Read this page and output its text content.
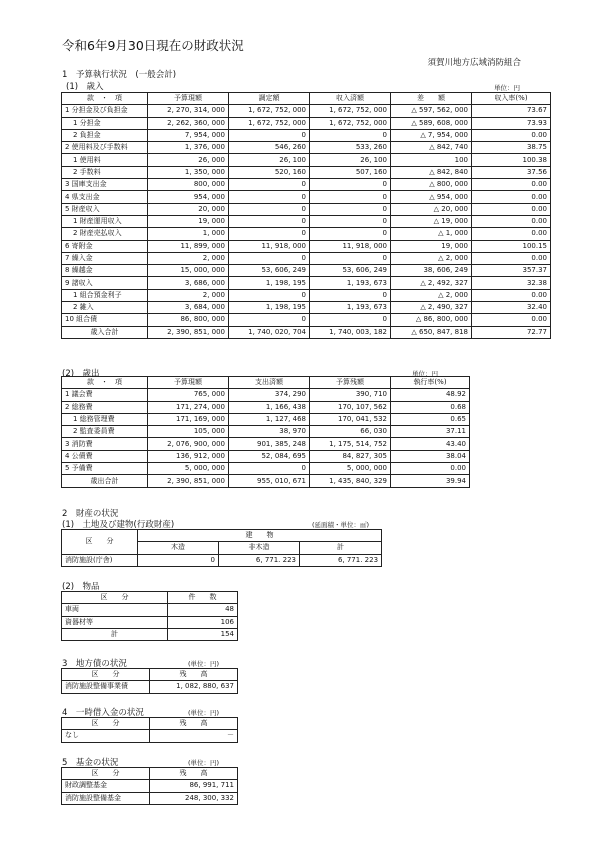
令和6年9月30日現在の財政状況
須賀川地方広域消防組合
1　予算執行状況　(一般会計)
(1)　歳入	単位：円
款　・　項	予算現額	調定額	収入済額	差　　額	収入率(%)
1 分担金及び負担金	2, 270, 314, 000	1, 672, 752, 000	1, 672, 752, 000	△ 597, 562, 000	73.67
1 分担金	2, 262, 360, 000	1, 672, 752, 000	1, 672, 752, 000	△ 589, 608, 000	73.93
2 負担金	7, 954, 000	0	0	△ 7, 954, 000	0.00
2 使用料及び手数料	1, 376, 000	546, 260	533, 260	△ 842, 740	38.75
1 使用料	26, 000	26, 100	26, 100	100	100.38
2 手数料	1, 350, 000	520, 160	507, 160	△ 842, 840	37.56
3 国庫支出金	800, 000	0	0	△ 800, 000	0.00
4 県支出金	954, 000	0	0	△ 954, 000	0.00
5 財産収入	20, 000	0	0	△ 20, 000	0.00
1 財産運用収入	19, 000	0	0	△ 19, 000	0.00
2 財産売払収入	1, 000	0	0	△ 1, 000	0.00
6 寄附金	11, 899, 000	11, 918, 000	11, 918, 000	19, 000	100.15
7 繰入金	2, 000	0	0	△ 2, 000	0.00
8 繰越金	15, 000, 000	53, 606, 249	53, 606, 249	38, 606, 249	357.37
9 諸収入	3, 686, 000	1, 198, 195	1, 193, 673	△ 2, 492, 327	32.38
1 組合預金利子	2, 000	0	0	△ 2, 000	0.00
2 雑入	3, 684, 000	1, 198, 195	1, 193, 673	△ 2, 490, 327	32.40
10 組合債	86, 800, 000	0	0	△ 86, 800, 000	0.00
歳入合計	2, 390, 851, 000	1, 740, 020, 704	1, 740, 003, 182	△ 650, 847, 818	72.77
(2)　歳出	単位：円
款　・　項	予算現額	支出済額	予算残額	執行率(%)
1 議会費	765, 000	374, 290	390, 710	48.92
2 総務費	171, 274, 000	1, 166, 438	170, 107, 562	0.68
1 総務管理費	171, 169, 000	1, 127, 468	170, 041, 532	0.65
2 監査委員費	105, 000	38, 970	66, 030	37.11
3 消防費	2, 076, 900, 000	901, 385, 248	1, 175, 514, 752	43.40
4 公債費	136, 912, 000	52, 084, 695	84, 827, 305	38.04
5 予備費	5, 000, 000	0	5, 000, 000	0.00
歳出合計	2, 390, 851, 000	955, 010, 671	1, 435, 840, 329	39.94
2　財産の状況
(1)　土地及び建物(行政財産)	(延面積・単位：㎡)
区　　分	建　　物		
	木造	非木造	計
消防施設(庁舎)	0	6, 771. 223	6, 771. 223
(2)　物品
区　　分	件　　数
車両	48
資器材等	106
計	154
3　地方債の状況	(単位：円)
区　　分	残　　高
消防施設整備事業債	1, 082, 880, 637
4　一時借入金の状況	(単位：円)
区　　分	残　　高
なし	－
5　基金の状況	(単位：円)
区　　分	残　　高
財政調整基金	86, 991, 711
消防施設整備基金	248, 300, 332
